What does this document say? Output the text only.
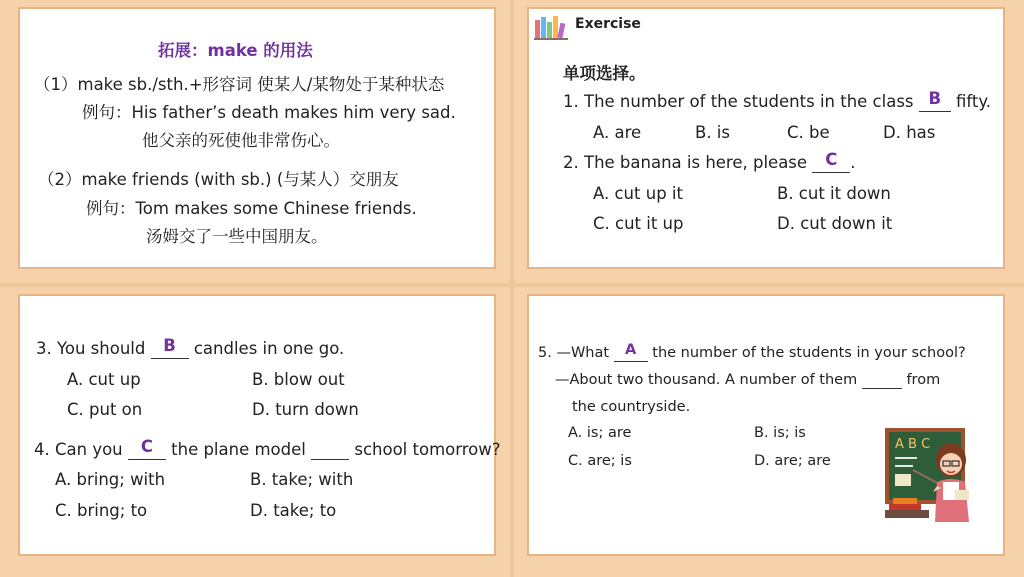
拓展：make 的用法
（1）make sb./sth.+形容词 使某人/某物处于某种状态
例句：His father’s death makes him very sad.
他父亲的死使他非常伤心。
（2）make friends (with sb.) (与某人）交朋友
例句：Tom makes some Chinese friends.
汤姆交了一些中国朋友。
Exercise
单项选择。
1. The number of the students in the class B fifty.
A. are	B. is	C. be	D. has
2. The banana is here, please C .
A. cut up it	B. cut it down
C. cut it up	D. cut down it
3. You should B candles in one go.
A. cut up	B. blow out
C. put on	D. turn down
4. Can you C the plane model   school tomorrow?
A. bring; with	B. take; with
C. bring; to	D. take; to
5. —What A the number of the students in your school?
—About two thousand. A number of them	from
the countryside.
A. is; are	B. is; is
C. are; is	D. are; are
A B C
